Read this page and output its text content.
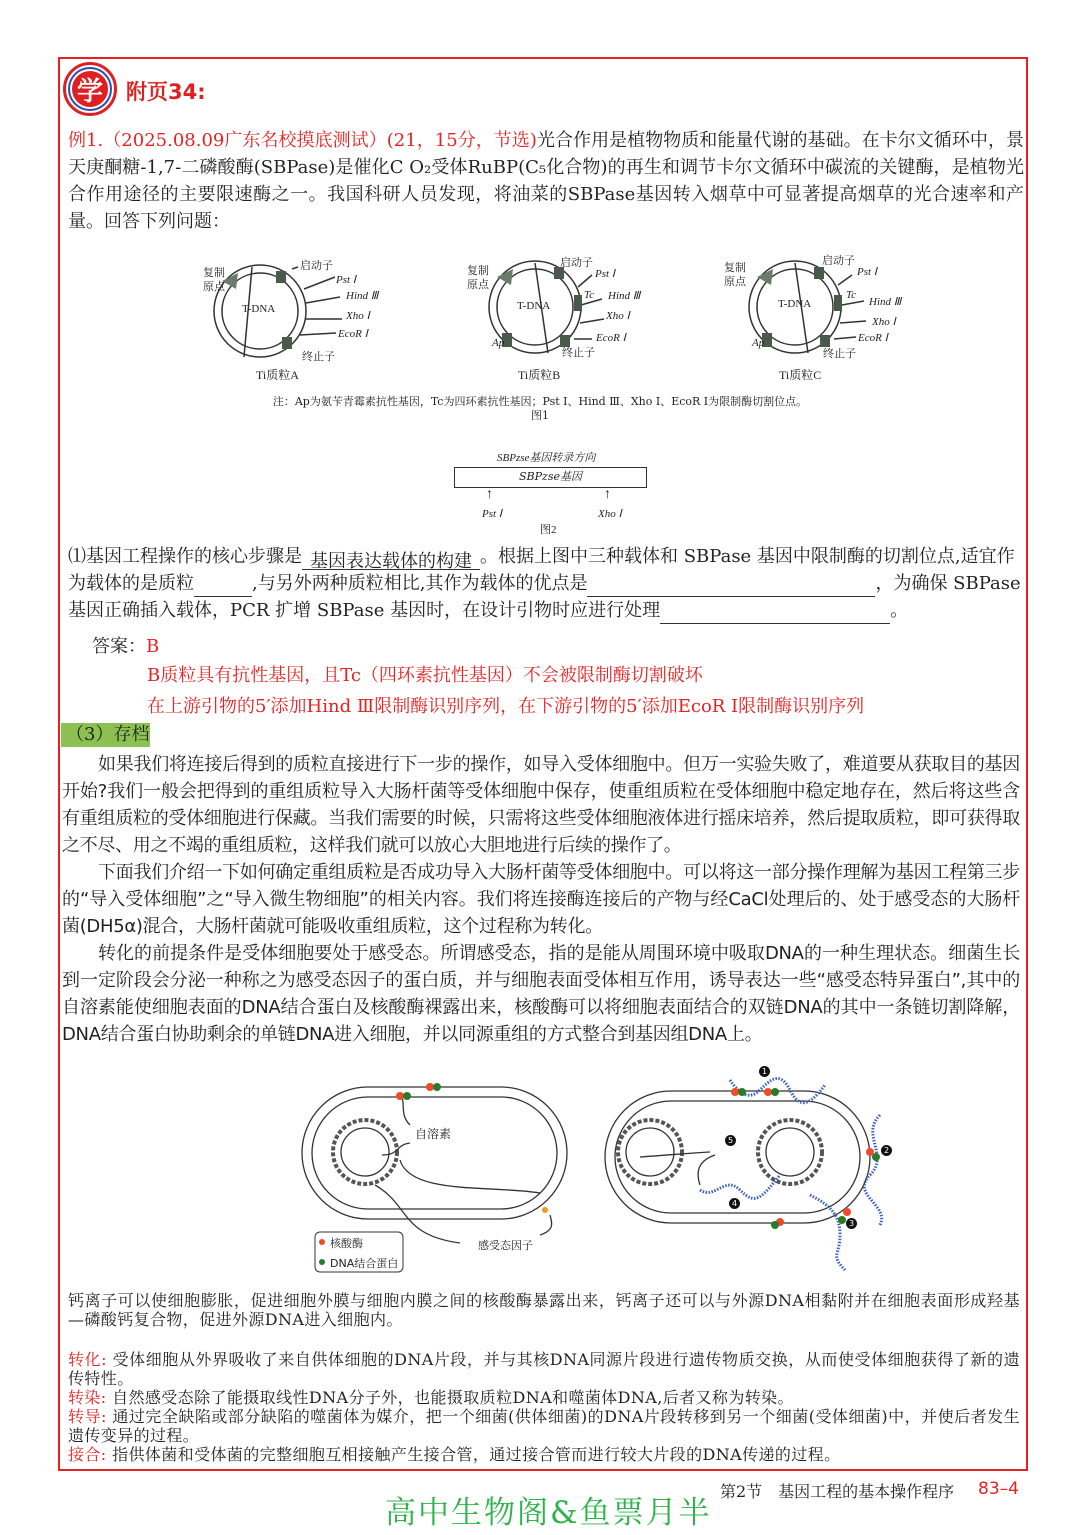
学	附页34:
例1.（2025.08.09广东名校摸底测试）(21，15分，节选)光合作用是植物物质和能量代谢的基础。在卡尔文循环中，景天庚酮糖-1,7-二磷酸酶(SBPase)是催化C O₂受体RuBP(C₅化合物)的再生和调节卡尔文循环中碳流的关键酶，是植物光合作用途径的主要限速酶之一。我国科研人员发现，将油菜的SBPase基因转入烟草中可显著提高烟草的光合速率和产量。回答下列问题：
复制
原点
启动子
Pst Ⅰ
Hind Ⅲ
Xho Ⅰ
EcoR Ⅰ
终止子
T-DNA
Ti质粒A
复制
原点
启动子
Pst Ⅰ
Tc Hind Ⅲ
Xho Ⅰ
EcoR Ⅰ
终止子
Ap
T-DNA
Ti质粒B
复制
原点
启动子
Pst Ⅰ
Tc
Hind Ⅲ
Xho Ⅰ
EcoR Ⅰ
终止子
Ap
T-DNA
Ti质粒C
注：Ap为氨苄青霉素抗性基因，Tc为四环素抗性基因；Pst Ⅰ、Hind Ⅲ、Xho Ⅰ、EcoR Ⅰ为限制酶切割位点。
图1
SBPzse基因转录方向
SBPzse基因
↑	↑
Pst Ⅰ	Xho Ⅰ
图2
⑴基因工程操作的核心步骤是 基因表达载体的构建 。根据上图中三种载体和 SBPase 基因中限制酶的切割位点,适宜作为载体的是质粒	,与另外两种质粒相比,其作为载体的优点是	，为确保 SBPase 基因正确插入载体，PCR 扩增 SBPase 基因时，在设计引物时应进行处理	。
答案：B
B质粒具有抗性基因，且Tc（四环素抗性基因）不会被限制酶切割破坏
在上游引物的5′添加Hind Ⅲ限制酶识别序列，在下游引物的5′添加EcoR Ⅰ限制酶识别序列
（3）存档

如果我们将连接后得到的质粒直接进行下一步的操作，如导入受体细胞中。但万一实验失败了，难道要从获取目的基因开始?我们一般会把得到的重组质粒导入大肠杆菌等受体细胞中保存，使重组质粒在受体细胞中稳定地存在，然后将这些含有重组质粒的受体细胞进行保藏。当我们需要的时候，只需将这些受体细胞液体进行摇床培养，然后提取质粒，即可获得取之不尽、用之不竭的重组质粒，这样我们就可以放心大胆地进行后续的操作了。

下面我们介绍一下如何确定重组质粒是否成功导入大肠杆菌等受体细胞中。可以将这一部分操作理解为基因工程第三步的“导入受体细胞”之“导入微生物细胞”的相关内容。我们将连接酶连接后的产物与经CaCl处理后的、处于感受态的大肠杆菌(DH5α)混合，大肠杆菌就可能吸收重组质粒，这个过程称为转化。

转化的前提条件是受体细胞要处于感受态。所谓感受态，指的是能从周围环境中吸取DNA的一种生理状态。细菌生长到一定阶段会分泌一种称之为感受态因子的蛋白质，并与细胞表面受体相互作用，诱导表达一些“感受态特异蛋白”,其中的自溶素能使细胞表面的DNA结合蛋白及核酸酶裸露出来，核酸酶可以将细胞表面结合的双链DNA的其中一条链切割降解，DNA结合蛋白协助剩余的单链DNA进入细胞，并以同源重组的方式整合到基因组DNA上。

自溶素
核酸酶
DNA结合蛋白
感受态因子
1
2
3
4
5
钙离子可以使细胞膨胀，促进细胞外膜与细胞内膜之间的核酸酶暴露出来，钙离子还可以与外源DNA相黏附并在细胞表面形成羟基—磷酸钙复合物，促进外源DNA进入细胞内。
转化: 受体细胞从外界吸收了来自供体细胞的DNA片段，并与其核DNA同源片段进行遗传物质交换，从而使受体细胞获得了新的遗传特性。
转染: 自然感受态除了能摄取线性DNA分子外，也能摄取质粒DNA和噬菌体DNA,后者又称为转染。
转导: 通过完全缺陷或部分缺陷的噬菌体为媒介，把一个细菌(供体细菌)的DNA片段转移到另一个细菌(受体细菌)中，并使后者发生遗传变异的过程。
接合: 指供体菌和受体菌的完整细胞互相接触产生接合管，通过接合管而进行较大片段的DNA传递的过程。
第2节　基因工程的基本操作程序 83–4
高中生物阁&鱼票月半
